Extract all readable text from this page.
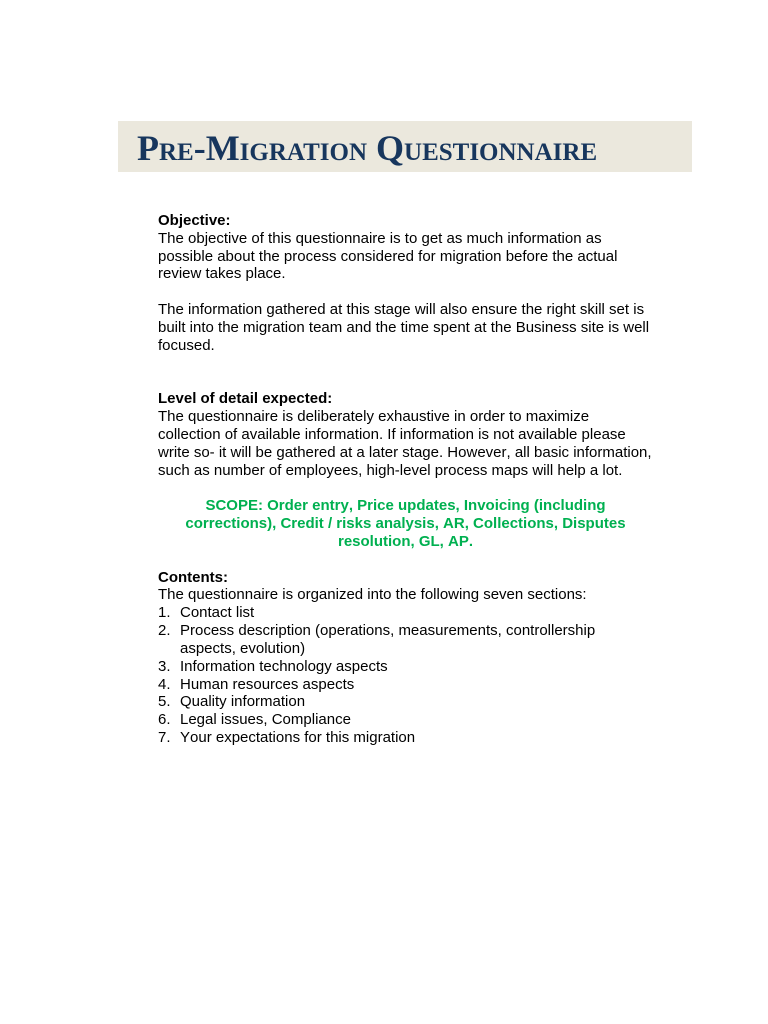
Pre-Migration Questionnaire
Objective:
The objective of this questionnaire is to get as much information as
possible about the process considered for migration before the actual
review takes place.
The information gathered at this stage will also ensure the right skill set is
built into the migration team and the time spent at the Business site is well
focused.
Level of detail expected:
The questionnaire is deliberately exhaustive in order to maximize
collection of available information. If information is not available please
write so- it will be gathered at a later stage. However, all basic information,
such as number of employees, high-level process maps will help a lot.
SCOPE: Order entry, Price updates, Invoicing (including
corrections), Credit / risks analysis, AR, Collections, Disputes
resolution, GL, AP.
Contents:
The questionnaire is organized into the following seven sections:
1. Contact list
2. Process description (operations, measurements, controllership
aspects, evolution)
3. Information technology aspects
4. Human resources aspects
5. Quality information
6. Legal issues, Compliance
7. Your expectations for this migration
